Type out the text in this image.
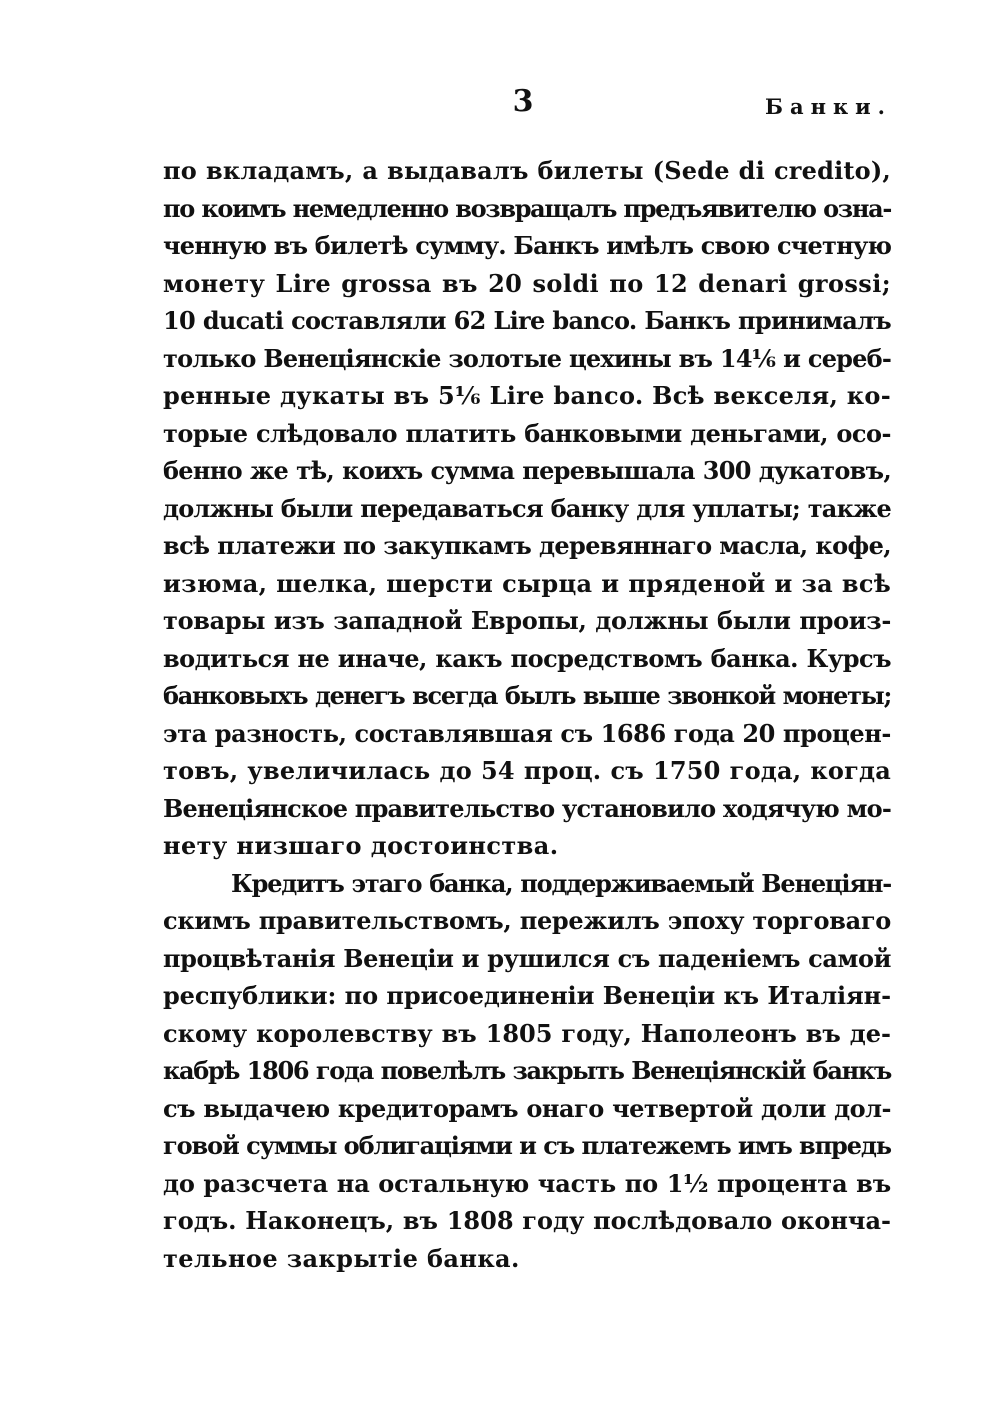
3	Банки.
по вкладамъ, а выдавалъ билеты (Sede di credito),
по коимъ немедленно возвращалъ предъявителю озна-
ченную въ билетѣ сумму. Банкъ имѣлъ свою счетную
монету Lire grossa въ 20 soldi по 12 denari grossi;
10 ducati составляли 62 Lire banco. Банкъ принималъ
только Венеціянскіе золотые цехины въ 14⅟₆ и сереб-
ренные дукаты въ 5⅟₆ Lire banco. Всѣ векселя, ко-
торые слѣдовало платить банковыми деньгами, осо-
бенно же тѣ, коихъ сумма перевышала 300 дукатовъ,
должны были передаваться банку для уплаты; также
всѣ платежи по закупкамъ деревяннаго масла, кофе,
изюма, шелка, шерсти сырца и пряденой и за всѣ
товары изъ западной Европы, должны были произ-
водиться не иначе, какъ посредствомъ банка. Курсъ
банковыхъ денегъ всегда былъ выше звонкой монеты;
эта разность, составлявшая съ 1686 года 20 процен-
товъ, увеличилась до 54 проц. съ 1750 года, когда
Венеціянское правительство установило ходячую мо-
нету низшаго достоинства.
Кредитъ этаго банка, поддерживаемый Венеціян-
скимъ правительствомъ, пережилъ эпоху торговаго
процвѣтанія Венеціи и рушился съ паденіемъ самой
республики: по присоединеніи Венеціи къ Италіян-
скому королевству въ 1805 году, Наполеонъ въ де-
кабрѣ 1806 года повелѣлъ закрыть Венеціянскій банкъ
съ выдачею кредиторамъ онаго четвертой доли дол-
говой суммы облигаціями и съ платежемъ имъ впредь
до разсчета на остальную часть по 1⅟₂ процента въ
годъ. Наконецъ, въ 1808 году послѣдовало оконча-
тельное закрытіе банка.
